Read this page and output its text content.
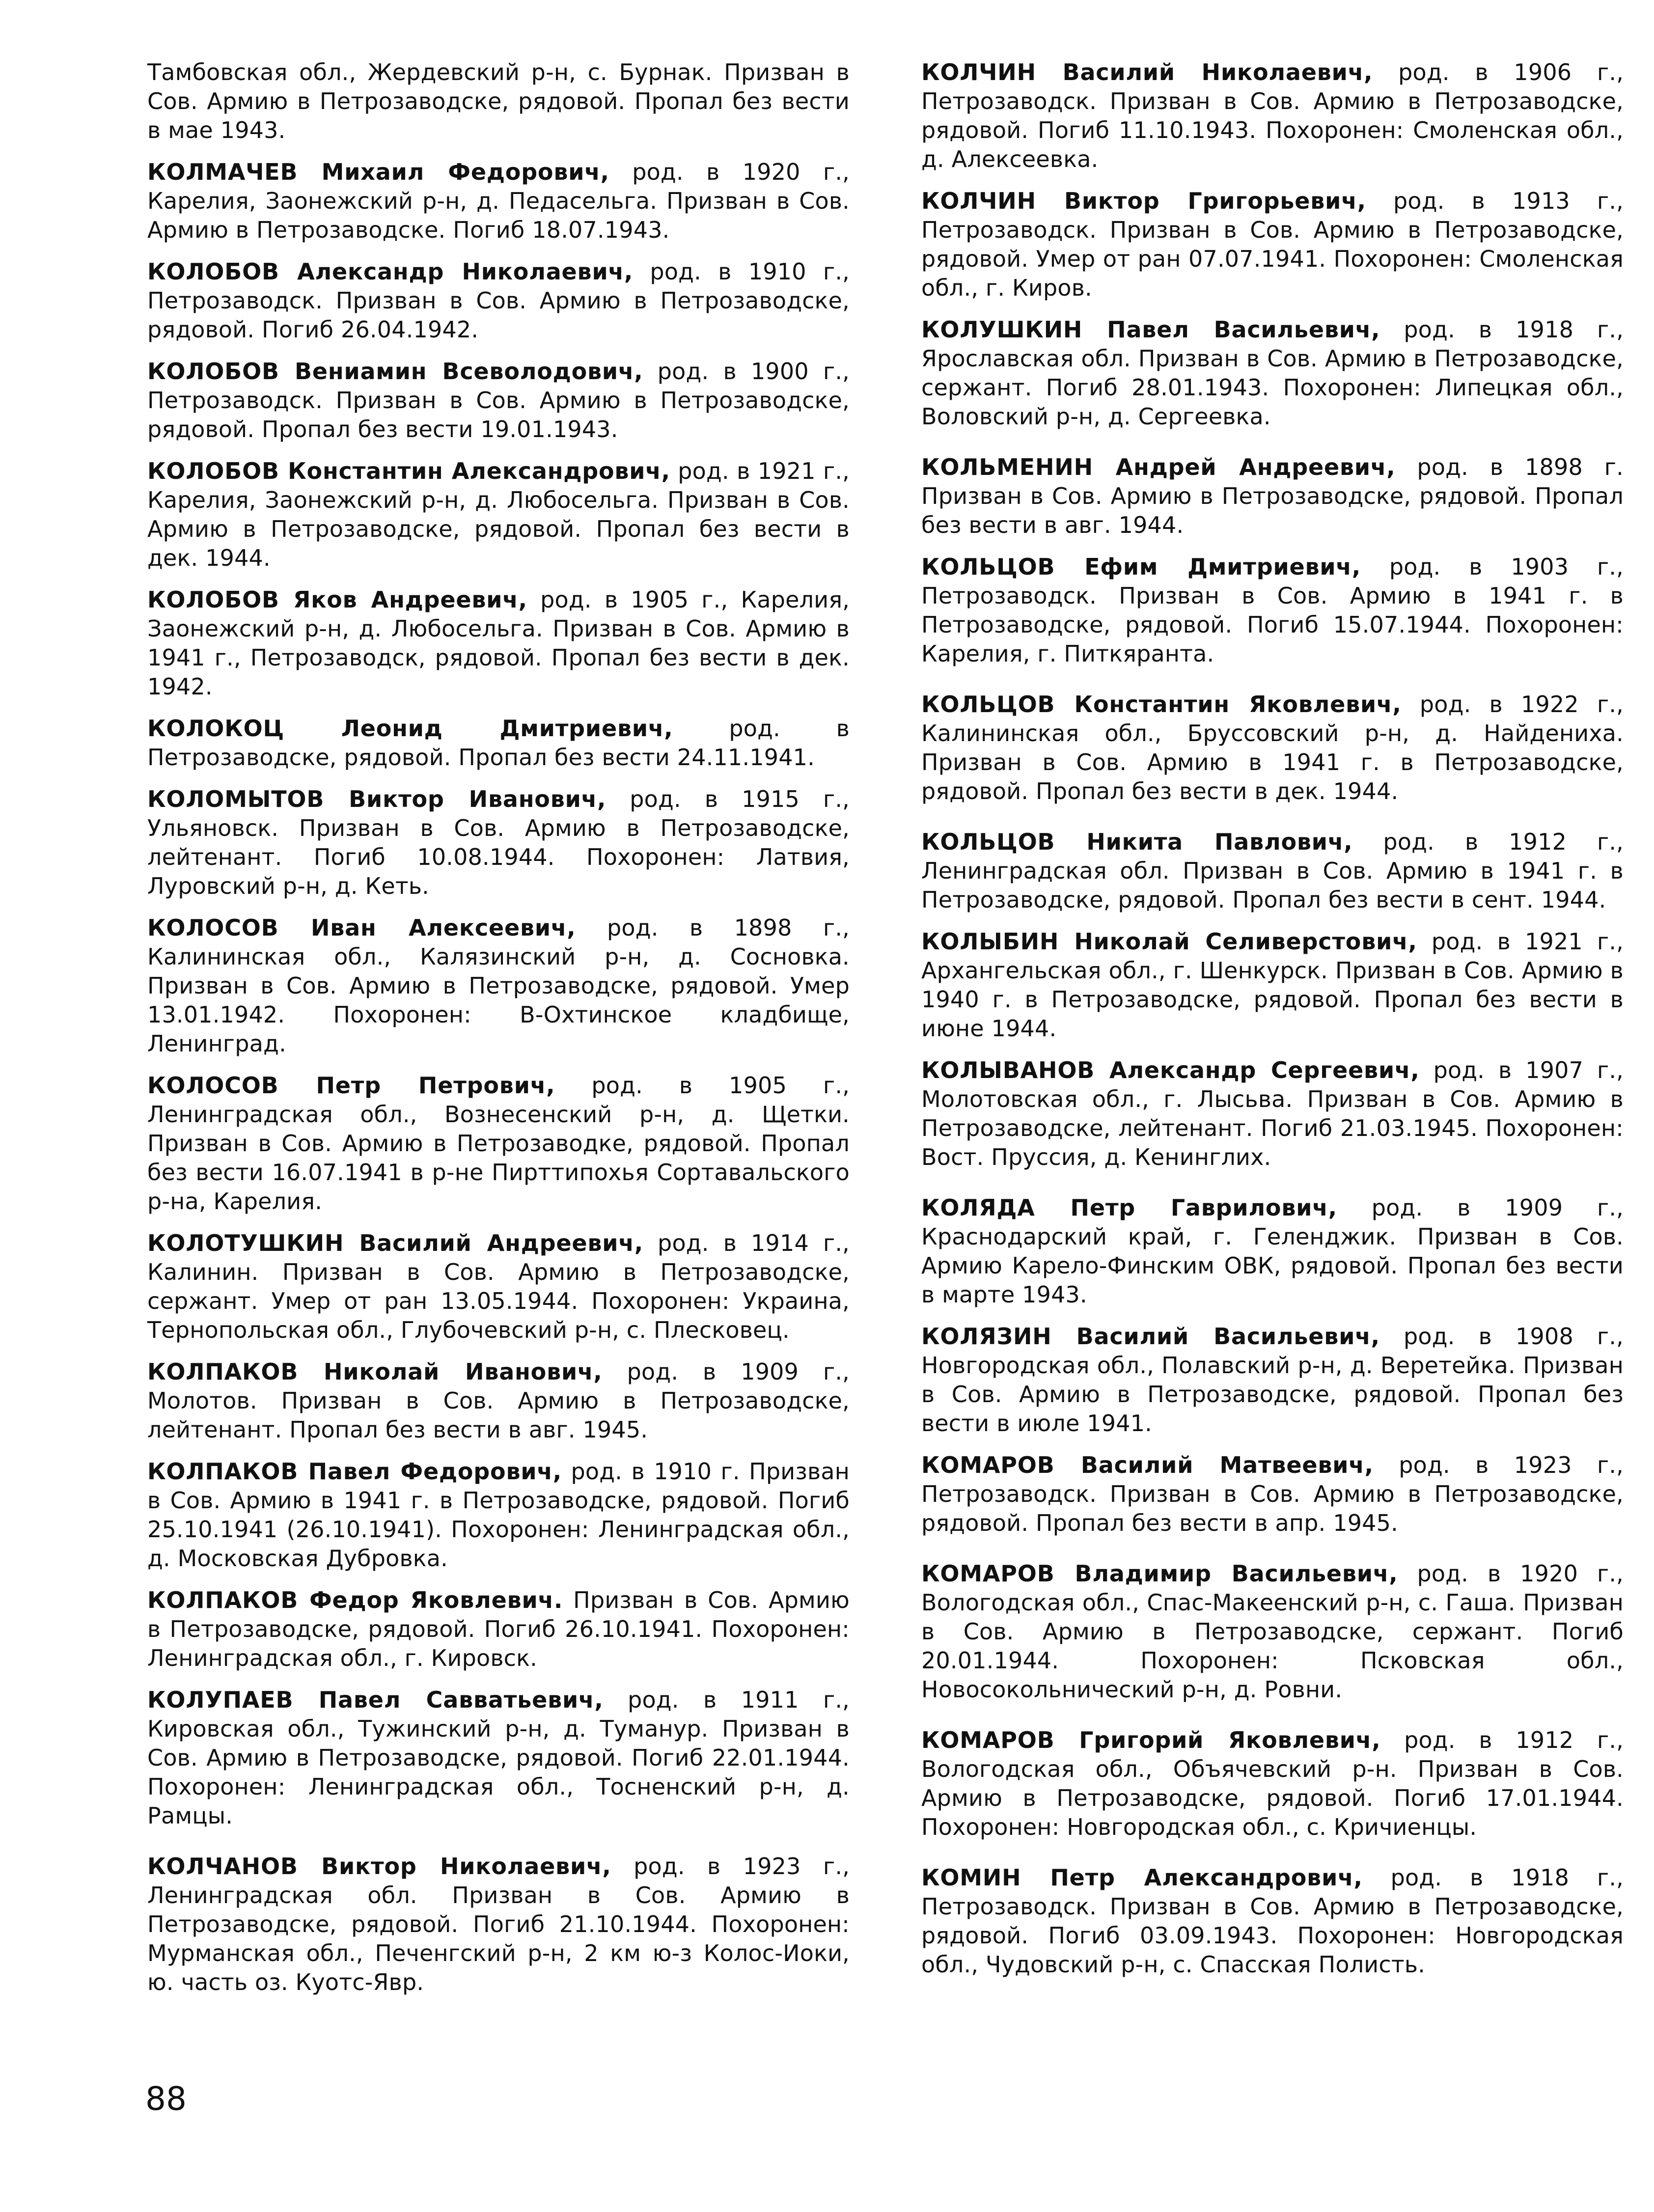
Тамбовская обл., Жердевский р-н, с. Бурнак. Призван в Сов. Армию в Петрозаводске, рядовой. Пропал без вести в мае 1943.

КОЛМАЧЕВ Михаил Федорович, род. в 1920 г., Карелия, Заонежский р-н, д. Педасельга. Призван в Сов. Армию в Петрозаводске. Погиб 18.07.1943.

КОЛОБОВ Александр Николаевич, род. в 1910 г., Петрозаводск. Призван в Сов. Армию в Петрозаводске, рядовой. Погиб 26.04.1942.

КОЛОБОВ Вениамин Всеволодович, род. в 1900 г., Петрозаводск. Призван в Сов. Армию в Петрозаводске, рядовой. Пропал без вести 19.01.1943.

КОЛОБОВ Константин Александрович, род. в 1921 г., Карелия, Заонежский р-н, д. Любосельга. Призван в Сов. Армию в Петрозаводске, рядовой. Пропал без вести в дек. 1944.

КОЛОБОВ Яков Андреевич, род. в 1905 г., Карелия, Заонежский р-н, д. Любосельга. Призван в Сов. Армию в 1941 г., Петрозаводск, рядовой. Пропал без вести в дек. 1942.

КОЛОКОЦ Леонид Дмитриевич, род. в Петрозаводске, рядовой. Пропал без вести 24.11.1941.

КОЛОМЫТОВ Виктор Иванович, род. в 1915 г., Ульяновск. Призван в Сов. Армию в Петрозаводске, лейтенант. Погиб 10.08.1944. Похоронен: Латвия, Луровский р-н, д. Кеть.

КОЛОСОВ Иван Алексеевич, род. в 1898 г., Калининская обл., Калязинский р-н, д. Сосновка. Призван в Сов. Армию в Петрозаводске, рядовой. Умер 13.01.1942. Похоронен: В-Охтинское кладбище, Ленинград.

КОЛОСОВ Петр Петрович, род. в 1905 г., Ленинградская обл., Вознесенский р-н, д. Щетки. Призван в Сов. Армию в Петрозаводке, рядовой. Пропал без вести 16.07.1941 в р-не Пирттипохья Сортавальского р-на, Карелия.

КОЛОТУШКИН Василий Андреевич, род. в 1914 г., Калинин. Призван в Сов. Армию в Петрозаводске, сержант. Умер от ран 13.05.1944. Похоронен: Украина, Тернопольская обл., Глубочевский р-н, с. Плесковец.

КОЛПАКОВ Николай Иванович, род. в 1909 г., Молотов. Призван в Сов. Армию в Петрозаводске, лейтенант. Пропал без вести в авг. 1945.

КОЛПАКОВ Павел Федорович, род. в 1910 г. Призван в Сов. Армию в 1941 г. в Петрозаводске, рядовой. Погиб 25.10.1941 (26.10.1941). Похоронен: Ленинградская обл., д. Московская Дубровка.

КОЛПАКОВ Федор Яковлевич. Призван в Сов. Армию в Петрозаводске, рядовой. Погиб 26.10.1941. Похоронен: Ленинградская обл., г. Кировск.

КОЛУПАЕВ Павел Савватьевич, род. в 1911 г., Кировская обл., Тужинский р-н, д. Туманур. Призван в Сов. Армию в Петрозаводске, рядовой. Погиб 22.01.1944. Похоронен: Ленинградская обл., Тосненский р-н, д. Рамцы.

КОЛЧАНОВ Виктор Николаевич, род. в 1923 г., Ленинградская обл. Призван в Сов. Армию в Петрозаводске, рядовой. Погиб 21.10.1944. Похоронен: Мурманская обл., Печенгский р-н, 2 км ю-з Колос-Иоки, ю. часть оз. Куотс-Явр.

КОЛЧИН Василий Николаевич, род. в 1906 г., Петрозаводск. Призван в Сов. Армию в Петрозаводске, рядовой. Погиб 11.10.1943. Похоронен: Смоленская обл., д. Алексеевка.

КОЛЧИН Виктор Григорьевич, род. в 1913 г., Петрозаводск. Призван в Сов. Армию в Петрозаводске, рядовой. Умер от ран 07.07.1941. Похоронен: Смоленская обл., г. Киров.

КОЛУШКИН Павел Васильевич, род. в 1918 г., Ярославская обл. Призван в Сов. Армию в Петрозаводске, сержант. Погиб 28.01.1943. Похоронен: Липецкая обл., Воловский р-н, д. Сергеевка.

КОЛЬМЕНИН Андрей Андреевич, род. в 1898 г. Призван в Сов. Армию в Петрозаводске, рядовой. Пропал без вести в авг. 1944.

КОЛЬЦОВ Ефим Дмитриевич, род. в 1903 г., Петрозаводск. Призван в Сов. Армию в 1941 г. в Петрозаводске, рядовой. Погиб 15.07.1944. Похоронен: Карелия, г. Питкяранта.

КОЛЬЦОВ Константин Яковлевич, род. в 1922 г., Калининская обл., Бруссовский р-н, д. Найдениха. Призван в Сов. Армию в 1941 г. в Петрозаводске, рядовой. Пропал без вести в дек. 1944.

КОЛЬЦОВ Никита Павлович, род. в 1912 г., Ленинградская обл. Призван в Сов. Армию в 1941 г. в Петрозаводске, рядовой. Пропал без вести в сент. 1944.

КОЛЫБИН Николай Селиверстович, род. в 1921 г., Архангельская обл., г. Шенкурск. Призван в Сов. Армию в 1940 г. в Петрозаводске, рядовой. Пропал без вести в июне 1944.

КОЛЫВАНОВ Александр Сергеевич, род. в 1907 г., Молотовская обл., г. Лысьва. Призван в Сов. Армию в Петрозаводске, лейтенант. Погиб 21.03.1945. Похоронен: Вост. Пруссия, д. Кенинглих.

КОЛЯДА Петр Гаврилович, род. в 1909 г., Краснодарский край, г. Геленджик. Призван в Сов. Армию Карело-Финским ОВК, рядовой. Пропал без вести в марте 1943.

КОЛЯЗИН Василий Васильевич, род. в 1908 г., Новгородская обл., Полавский р-н, д. Веретейка. Призван в Сов. Армию в Петрозаводске, рядовой. Пропал без вести в июле 1941.

КОМАРОВ Василий Матвеевич, род. в 1923 г., Петрозаводск. Призван в Сов. Армию в Петрозаводске, рядовой. Пропал без вести в апр. 1945.

КОМАРОВ Владимир Васильевич, род. в 1920 г., Вологодская обл., Спас-Макеенский р-н, с. Гаша. Призван в Сов. Армию в Петрозаводске, сержант. Погиб 20.01.1944. Похоронен: Псковская обл., Новосокольнический р-н, д. Ровни.

КОМАРОВ Григорий Яковлевич, род. в 1912 г., Вологодская обл., Объячевский р-н. Призван в Сов. Армию в Петрозаводске, рядовой. Погиб 17.01.1944. Похоронен: Новгородская обл., с. Кричиенцы.

КОМИН Петр Александрович, род. в 1918 г., Петрозаводск. Призван в Сов. Армию в Петрозаводске, рядовой. Погиб 03.09.1943. Похоронен: Новгородская обл., Чудовский р-н, с. Спасская Полисть.

88
